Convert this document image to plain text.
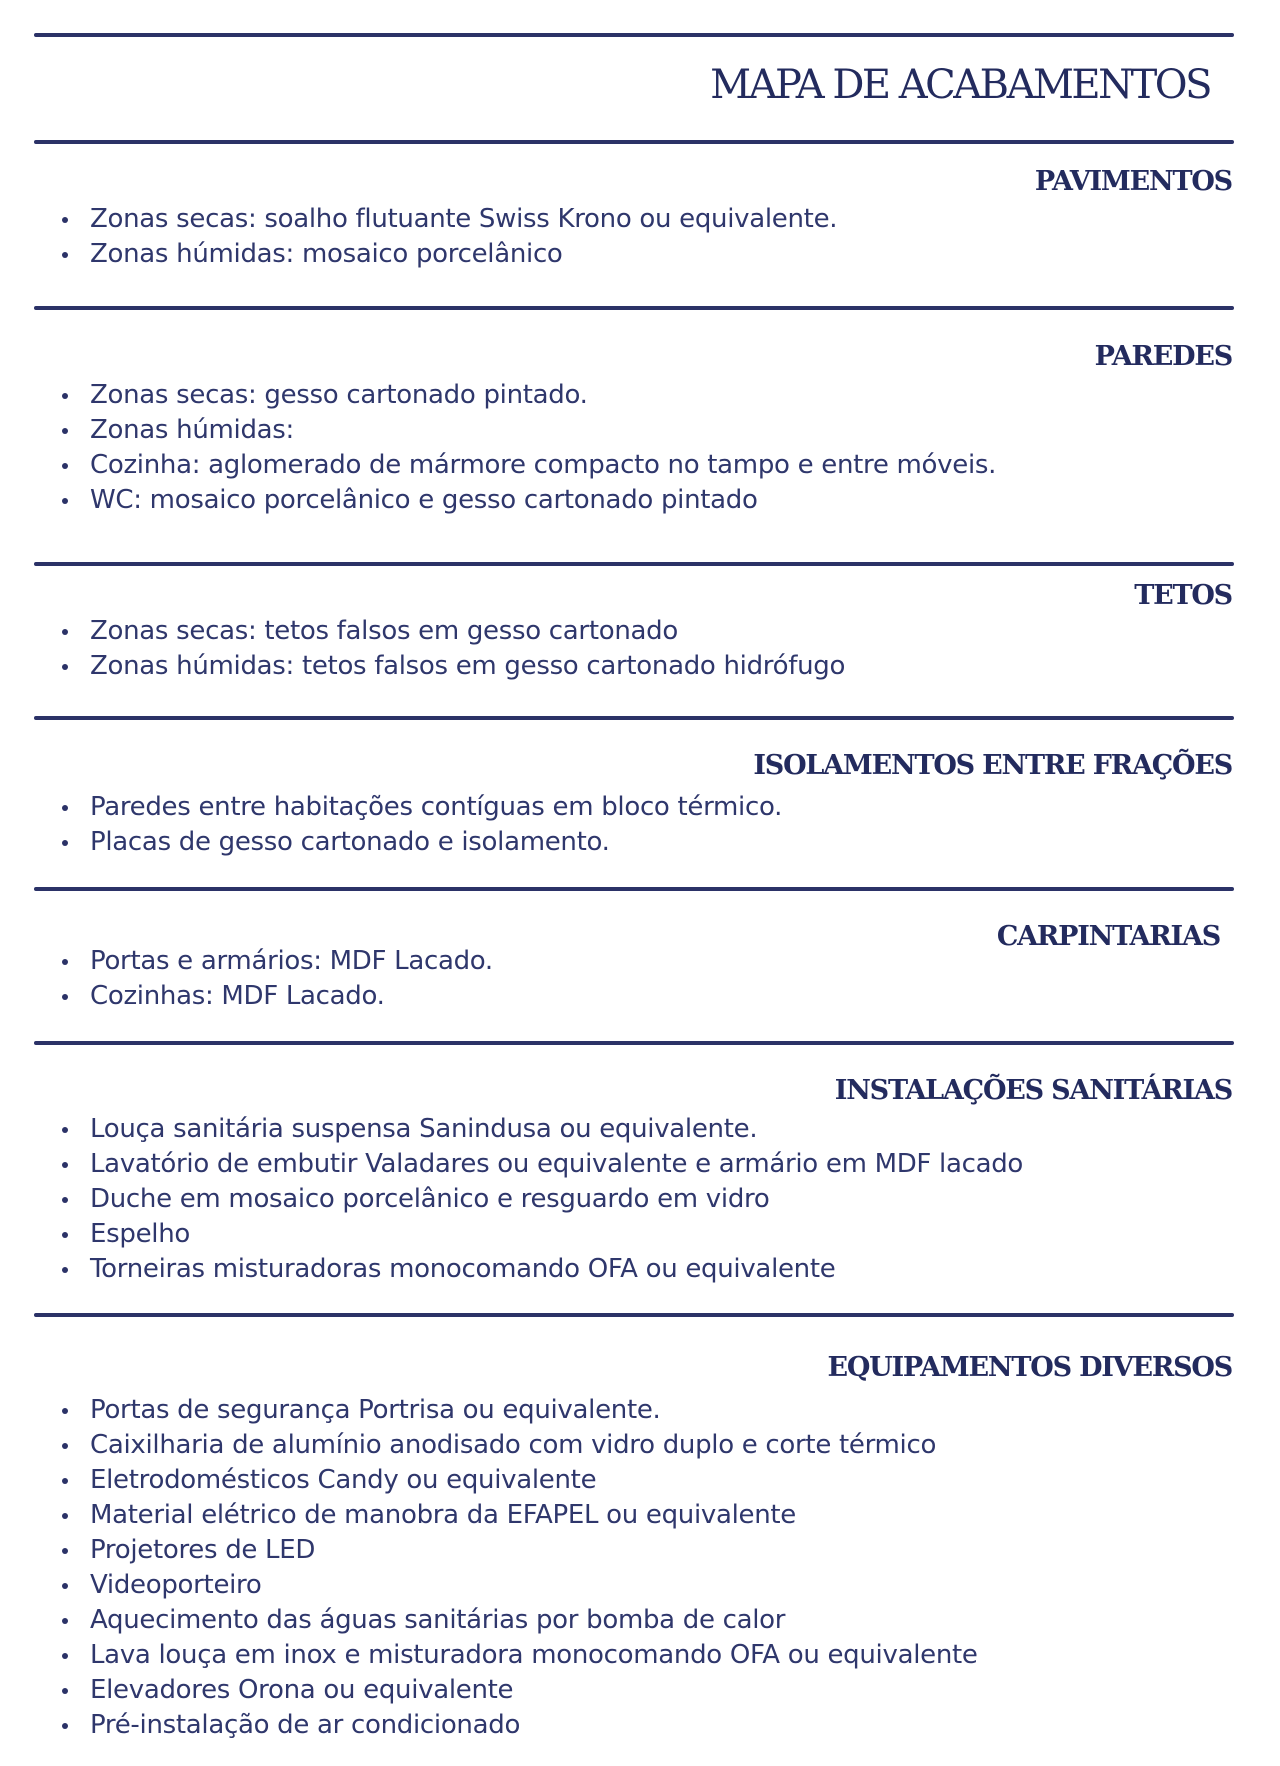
MAPA DE ACABAMENTOS
PAVIMENTOS
Zonas secas: soalho flutuante Swiss Krono ou equivalente.
Zonas húmidas: mosaico porcelânico
PAREDES
Zonas secas: gesso cartonado pintado.
Zonas húmidas:
Cozinha: aglomerado de mármore compacto no tampo e entre móveis.
WC: mosaico porcelânico e gesso cartonado pintado
TETOS
Zonas secas: tetos falsos em gesso cartonado
Zonas húmidas: tetos falsos em gesso cartonado hidrófugo
ISOLAMENTOS ENTRE FRAÇÕES
Paredes entre habitações contíguas em bloco térmico.
Placas de gesso cartonado e isolamento.
CARPINTARIAS
Portas e armários: MDF Lacado.
Cozinhas: MDF Lacado.
INSTALAÇÕES SANITÁRIAS
Louça sanitária suspensa Sanindusa ou equivalente.
Lavatório de embutir Valadares ou equivalente e armário em MDF lacado
Duche em mosaico porcelânico e resguardo em vidro
Espelho
Torneiras misturadoras monocomando OFA ou equivalente
EQUIPAMENTOS DIVERSOS
Portas de segurança Portrisa ou equivalente.
Caixilharia de alumínio anodisado com vidro duplo e corte térmico
Eletrodomésticos Candy ou equivalente
Material elétrico de manobra da EFAPEL ou equivalente
Projetores de LED
Videoporteiro
Aquecimento das águas sanitárias por bomba de calor
Lava louça em inox e misturadora monocomando OFA ou equivalente
Elevadores Orona ou equivalente
Pré-instalação de ar condicionado
